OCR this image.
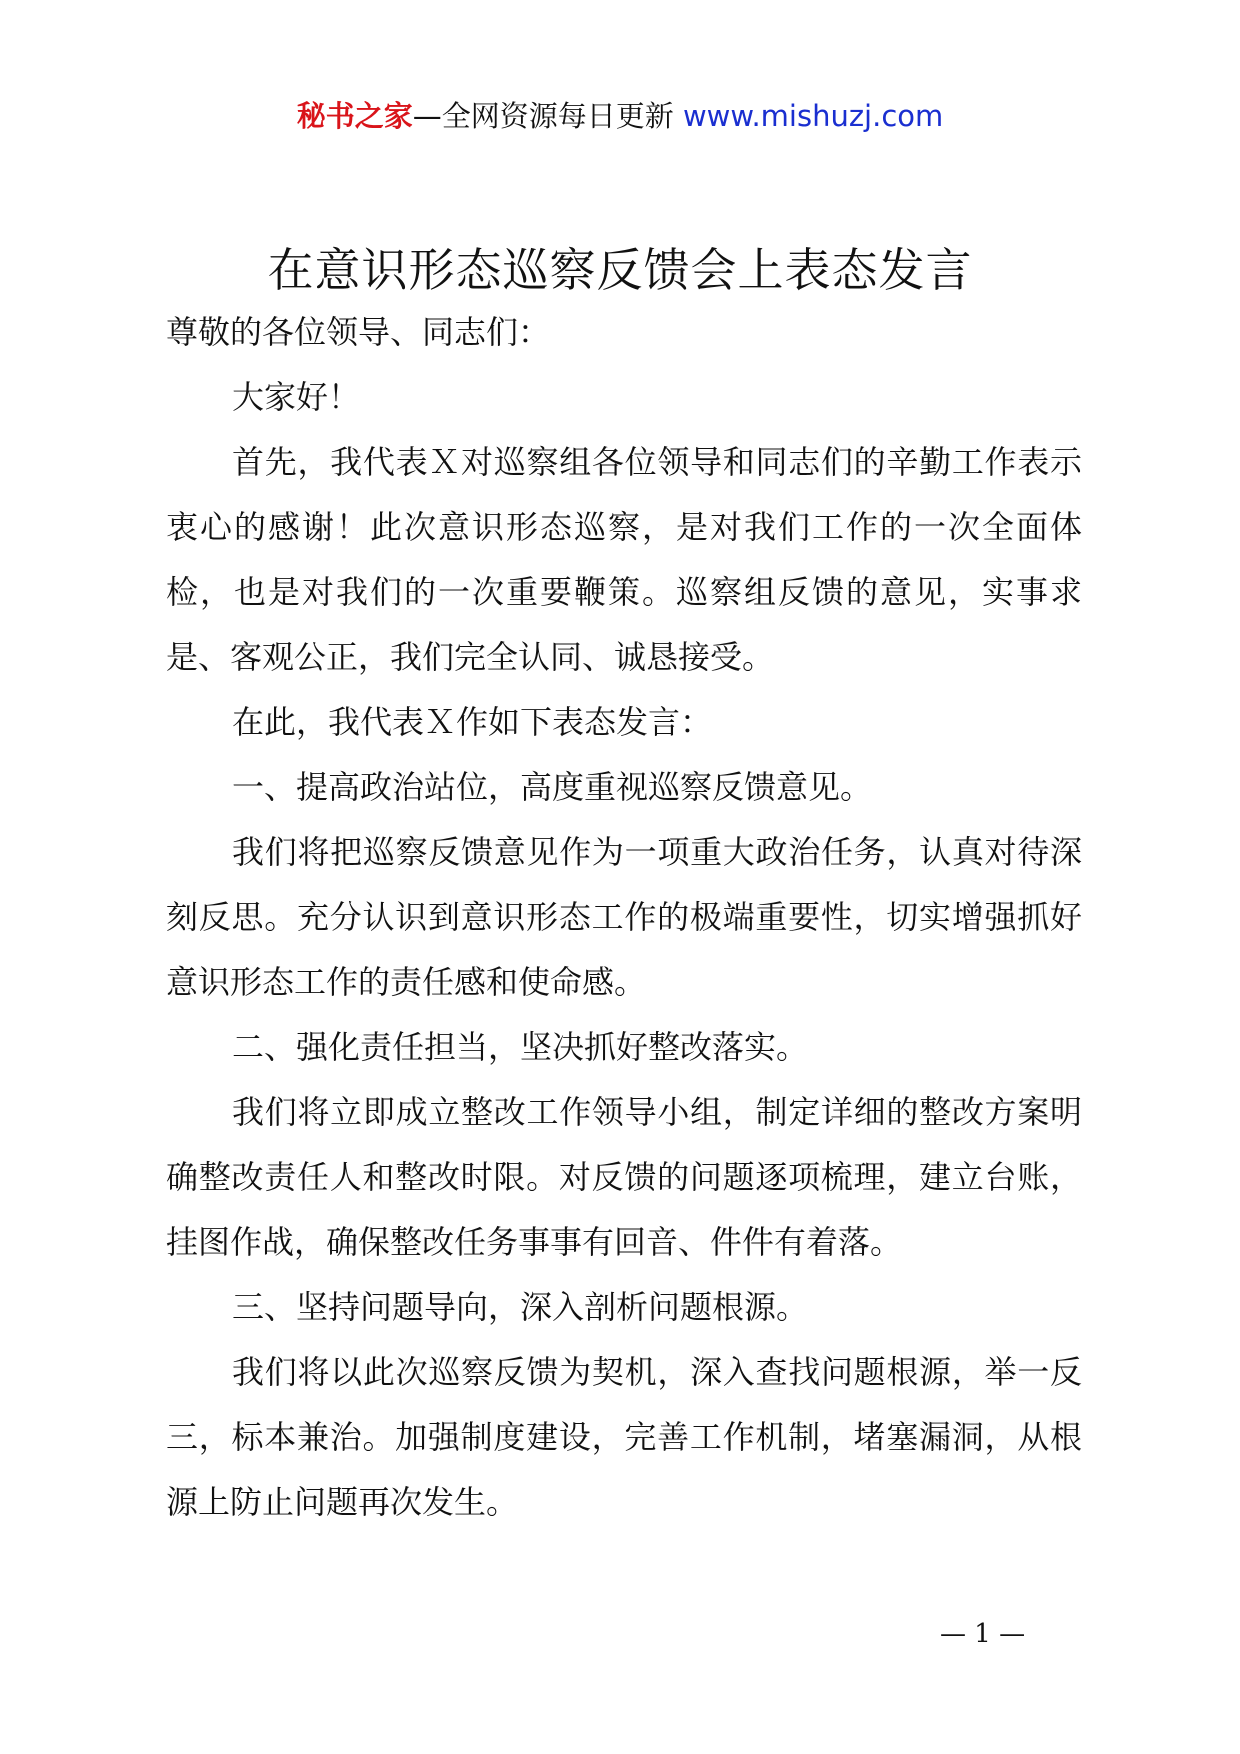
秘书之家—全网资源每日更新 www.mishuzj.com
在意识形态巡察反馈会上表态发言

尊敬的各位领导、同志们：

大家好！

首先，我代表Ｘ对巡察组各位领导和同志们的辛勤工作表示衷心的感谢！此次意识形态巡察，是对我们工作的一次全面体检，也是对我们的一次重要鞭策。巡察组反馈的意见，实事求是、客观公正，我们完全认同、诚恳接受。

在此，我代表Ｘ作如下表态发言：

一、提高政治站位，高度重视巡察反馈意见。

我们将把巡察反馈意见作为一项重大政治任务，认真对待深刻反思。充分认识到意识形态工作的极端重要性，切实增强抓好意识形态工作的责任感和使命感。

二、强化责任担当，坚决抓好整改落实。

我们将立即成立整改工作领导小组，制定详细的整改方案明确整改责任人和整改时限。对反馈的问题逐项梳理，建立台账，挂图作战，确保整改任务事事有回音、件件有着落。

三、坚持问题导向，深入剖析问题根源。

我们将以此次巡察反馈为契机，深入查找问题根源，举一反三，标本兼治。加强制度建设，完善工作机制，堵塞漏洞，从根源上防止问题再次发生。

— 1 —
